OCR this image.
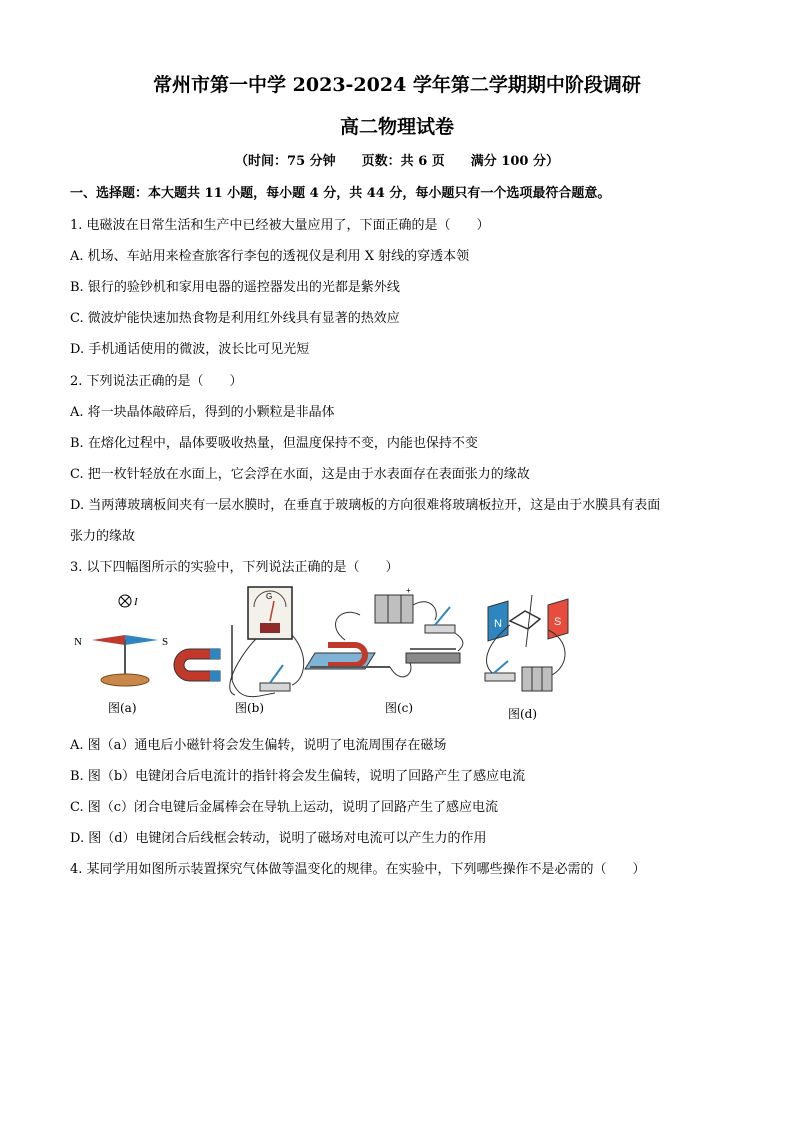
常州市第一中学 2023-2024 学年第二学期期中阶段调研
高二物理试卷
（时间：75 分钟　　页数：共 6 页　　满分 100 分）
一、选择题：本大题共 11 小题，每小题 4 分，共 44 分，每小题只有一个选项最符合题意。
1. 电磁波在日常生活和生产中已经被大量应用了，下面正确的是（　　）
A. 机场、车站用来检查旅客行李包的透视仪是利用 X 射线的穿透本领
B. 银行的验钞机和家用电器的遥控器发出的光都是紫外线
C. 微波炉能快速加热食物是利用红外线具有显著的热效应
D. 手机通话使用的微波，波长比可见光短
2. 下列说法正确的是（　　）
A. 将一块晶体敲碎后，得到的小颗粒是非晶体
B. 在熔化过程中，晶体要吸收热量，但温度保持不变，内能也保持不变
C. 把一枚针轻放在水面上，它会浮在水面，这是由于水表面存在表面张力的缘故
D. 当两薄玻璃板间夹有一层水膜时，在垂直于玻璃板的方向很难将玻璃板拉开，这是由于水膜具有表面
张力的缘故
3. 以下四幅图所示的实验中，下列说法正确的是（　　）
I
N	S
G
+
N	S
图(a)	图(b)	图(c)	图(d)
A. 图（a）通电后小磁针将会发生偏转，说明了电流周围存在磁场
B. 图（b）电键闭合后电流计的指针将会发生偏转，说明了回路产生了感应电流
C. 图（c）闭合电键后金属棒会在导轨上运动，说明了回路产生了感应电流
D. 图（d）电键闭合后线框会转动，说明了磁场对电流可以产生力的作用
4. 某同学用如图所示装置探究气体做等温变化的规律。在实验中，下列哪些操作不是必需的（　　）
